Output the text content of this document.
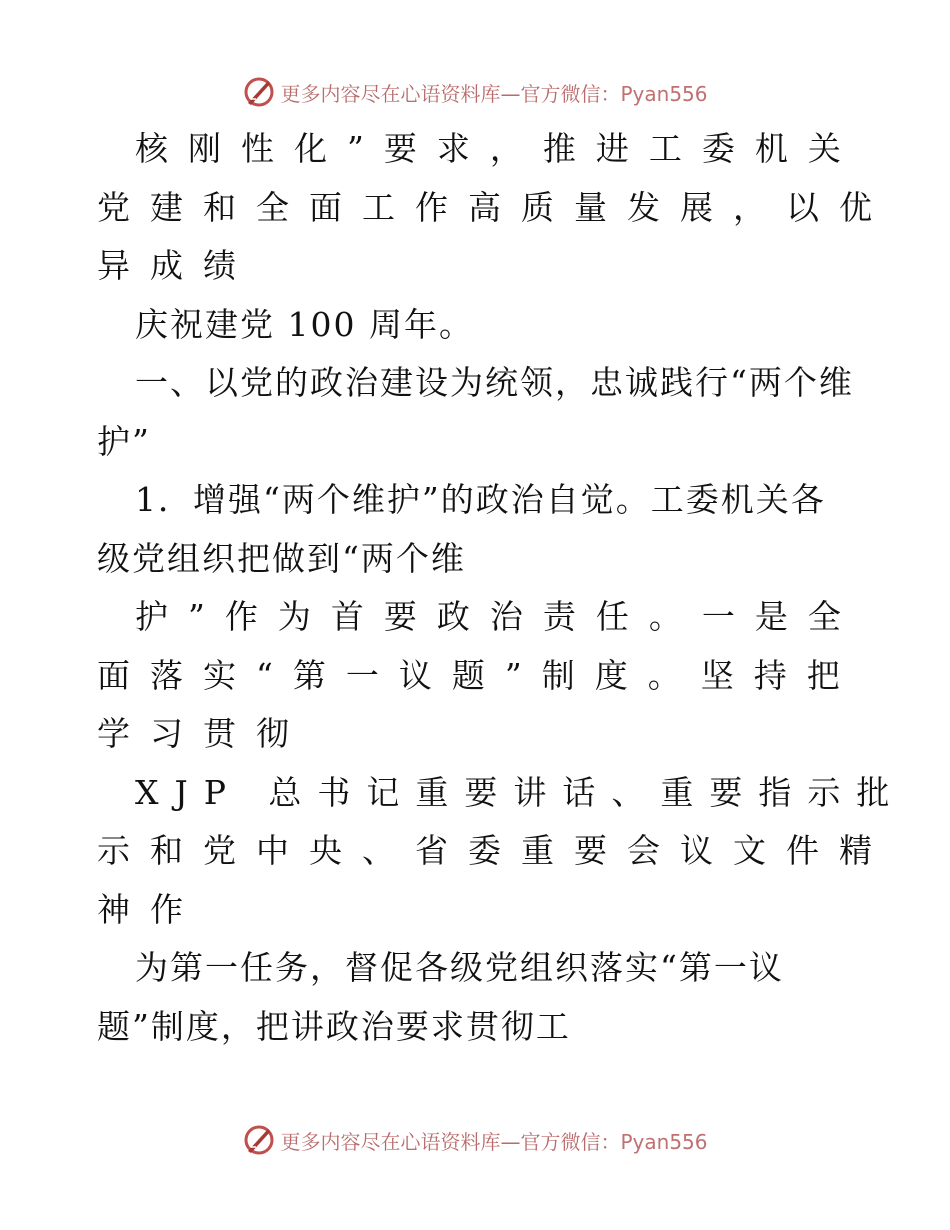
更多内容尽在心语资料库—官方微信：Pyan556
核刚性化”要求，推进工委机关
党建和全面工作高质量发展，以优
异成绩
庆祝建党 100 周年。
一、以党的政治建设为统领，忠诚践行“两个维
护”
1．增强“两个维护”的政治自觉。工委机关各
级党组织把做到“两个维
护”作为首要政治责任。一是全
面落实“第一议题”制度。坚持把
学习贯彻
XJP 总书记重要讲话、重要指示批
示和党中央、省委重要会议文件精
神作
为第一任务，督促各级党组织落实“第一议
题”制度，把讲政治要求贯彻工
更多内容尽在心语资料库—官方微信：Pyan556
